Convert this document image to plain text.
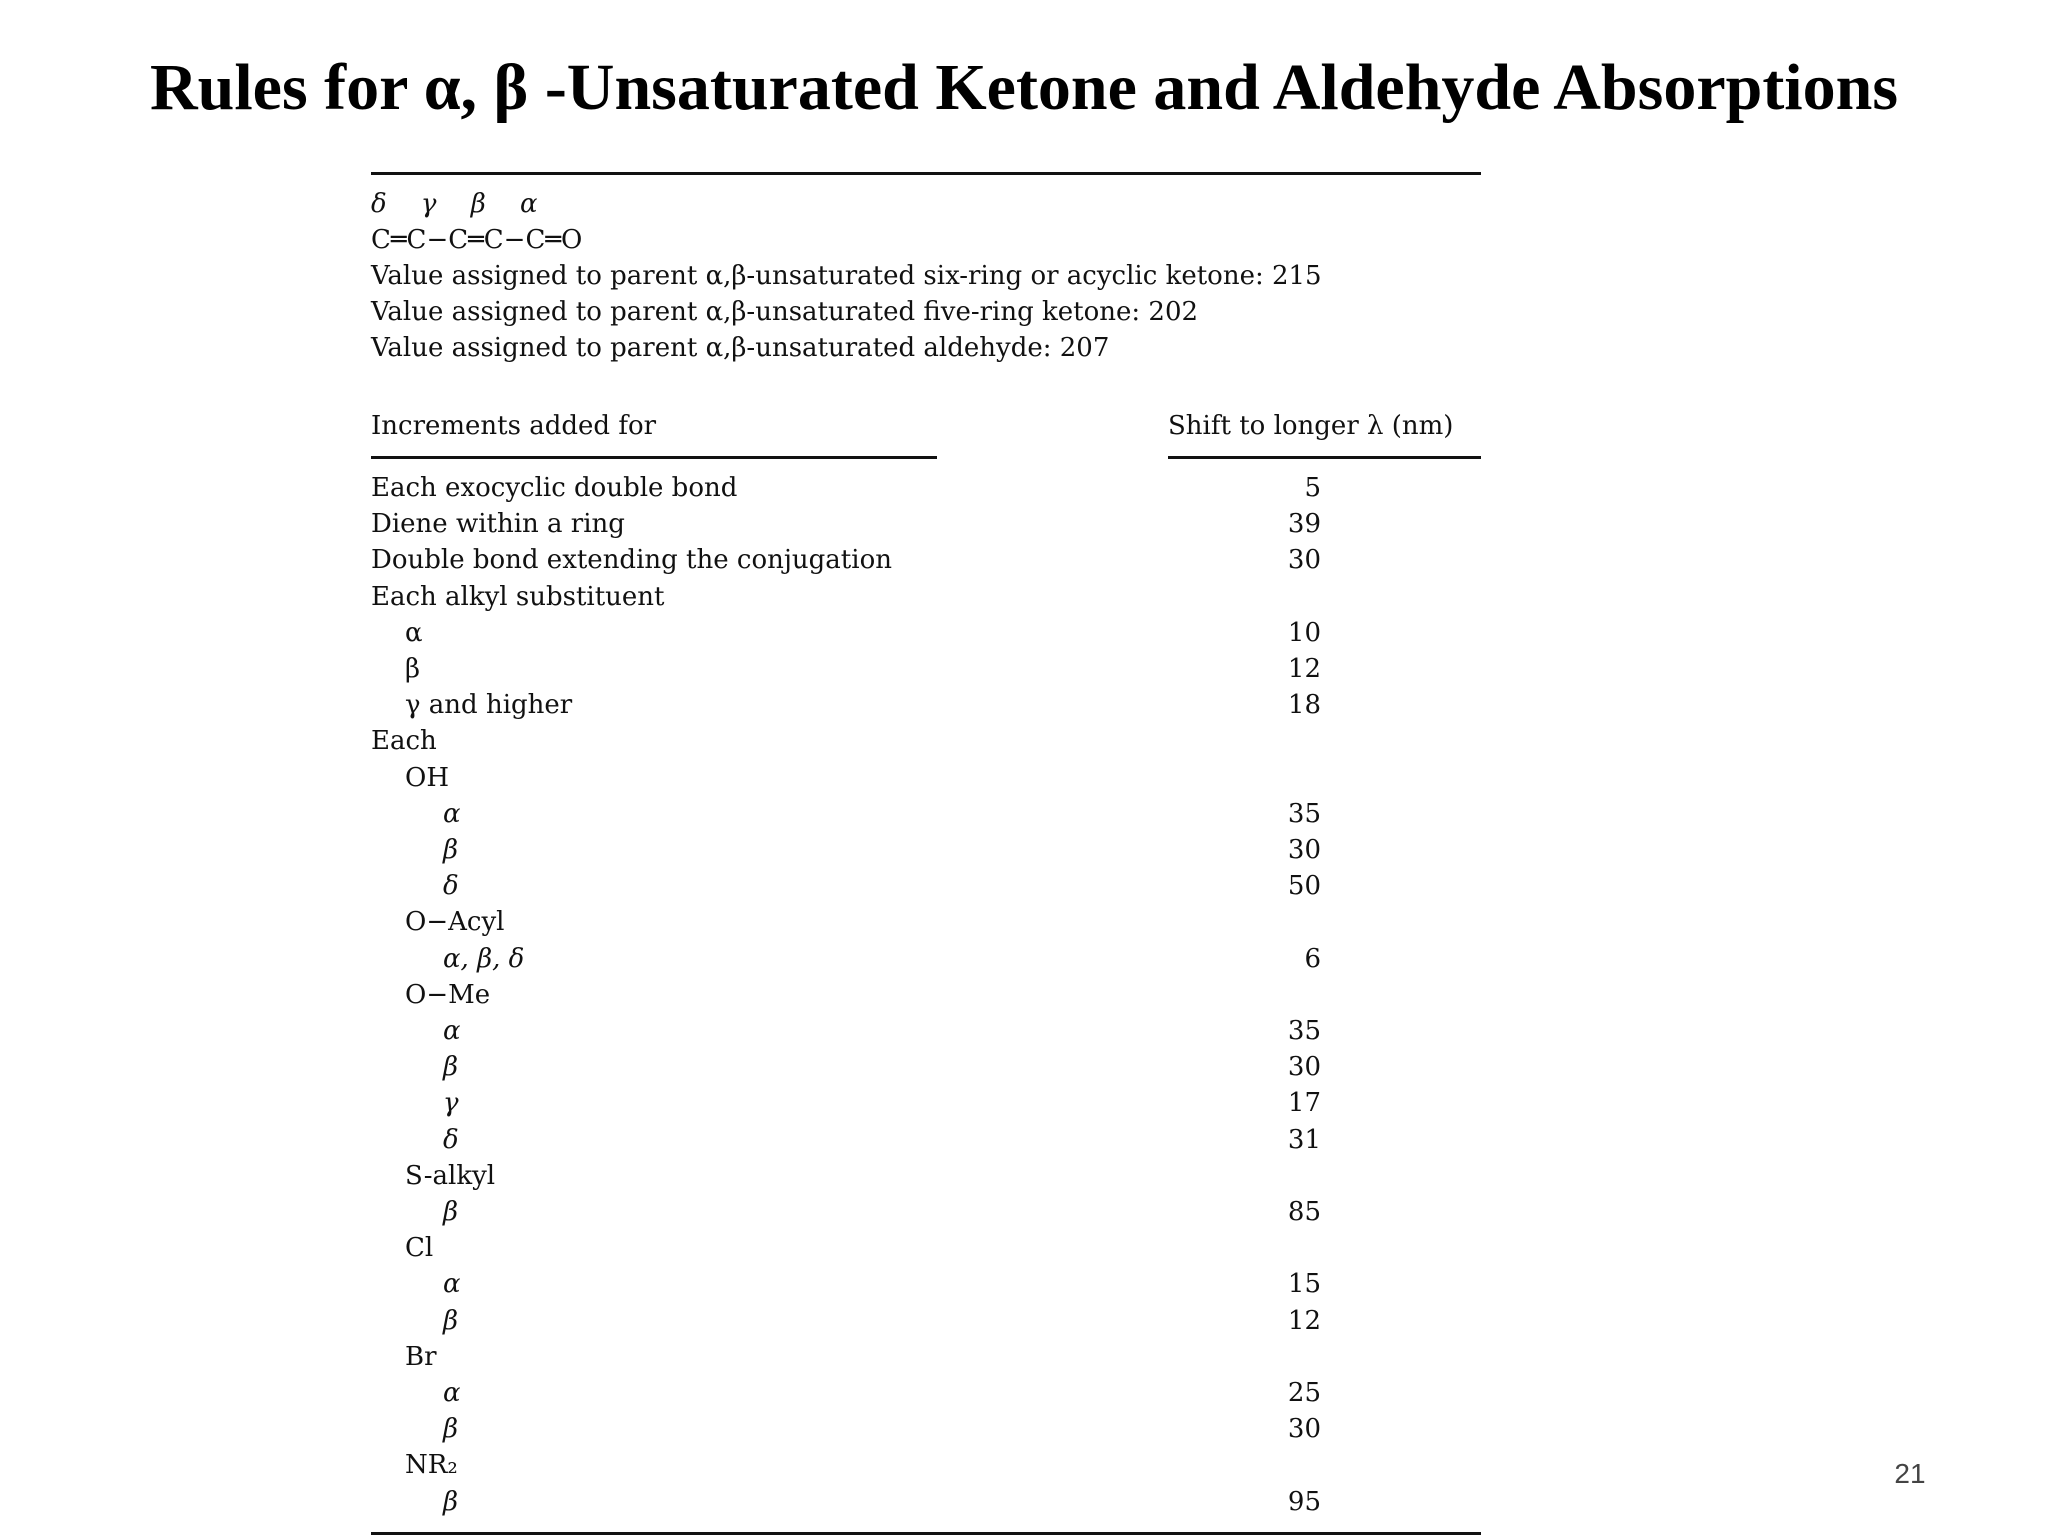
Rules for α, β -Unsaturated Ketone and Aldehyde Absorptions
δ γ β α
C═C−C═C−C═O
Value assigned to parent α,β-unsaturated six-ring or acyclic ketone: 215
Value assigned to parent α,β-unsaturated five-ring ketone: 202
Value assigned to parent α,β-unsaturated aldehyde: 207
Increments added for	Shift to longer λ (nm)
Each exocyclic double bond	5
Diene within a ring	39
Double bond extending the conjugation	30
Each alkyl substituent
α	10
β	12
γ and higher	18
Each
OH
α	35
β	30
δ	50
O−Acyl
α, β, δ	6
O−Me
α	35
β	30
γ	17
δ	31
S-alkyl
β	85
Cl
α	15
β	12
Br
α	25
β	30
NR₂
β	95
21
